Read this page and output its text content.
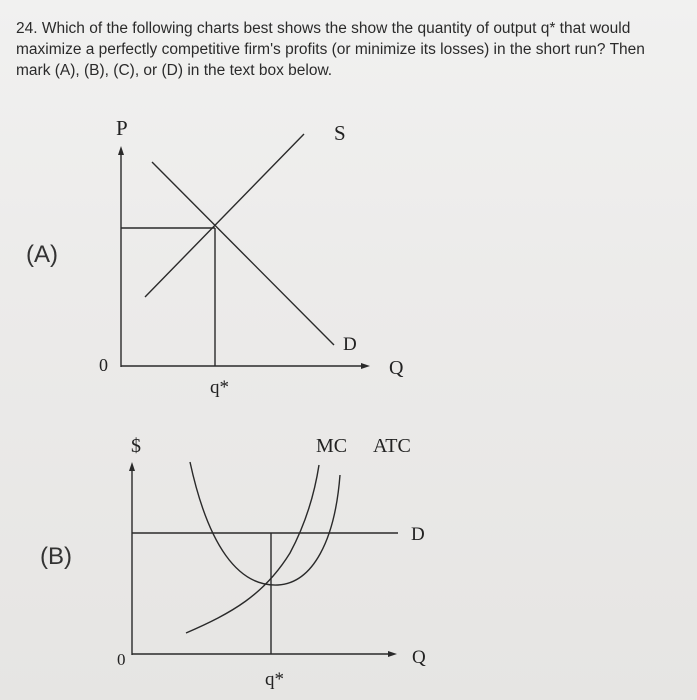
24. Which of the following charts best shows the show the quantity of output q* that would maximize a perfectly competitive firm's profits (or minimize its losses) in the short run? Then mark (A), (B), (C), or (D) in the text box below.

(A)
(B)
P	S
D
0	Q
q*
$	MC ATC
D
0	Q
q*
